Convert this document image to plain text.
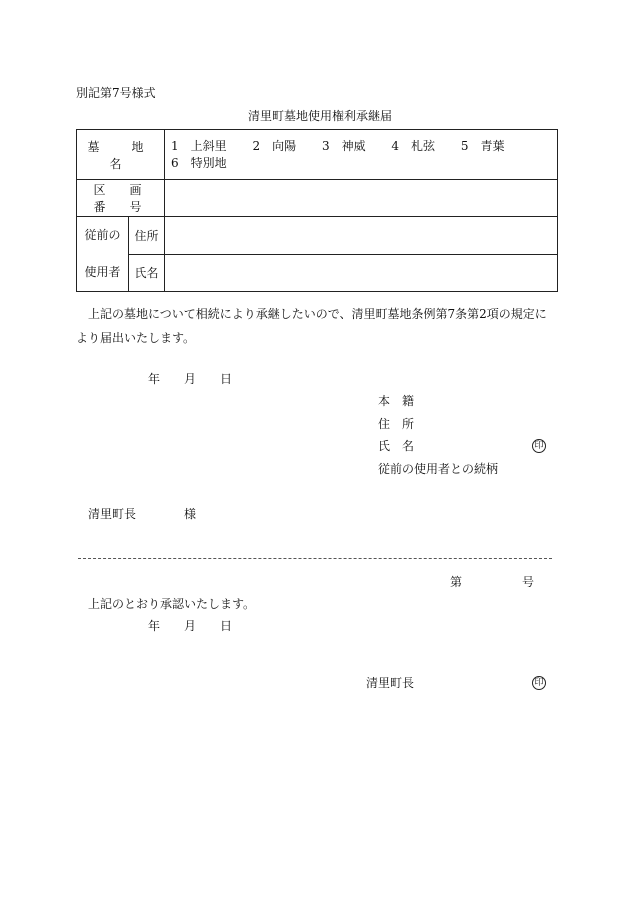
別記第7号様式
清里町墓地使用権利承継届
墓　地　名		1　上斜里 2　向陽 3　神威 4　札弦 5　青葉
6　特別地

区　画　番　号		

従前の
使用者	住所	
	氏名	
上記の墓地について相続により承継したいので、清里町墓地条例第7条第2項の規定により届出いたします。
年　　月　　日
本　籍
住　所
氏　名	印
従前の使用者との続柄
清里町長	様
第	号
上記のとおり承認いたします。
年　　月　　日
清里町長	印
